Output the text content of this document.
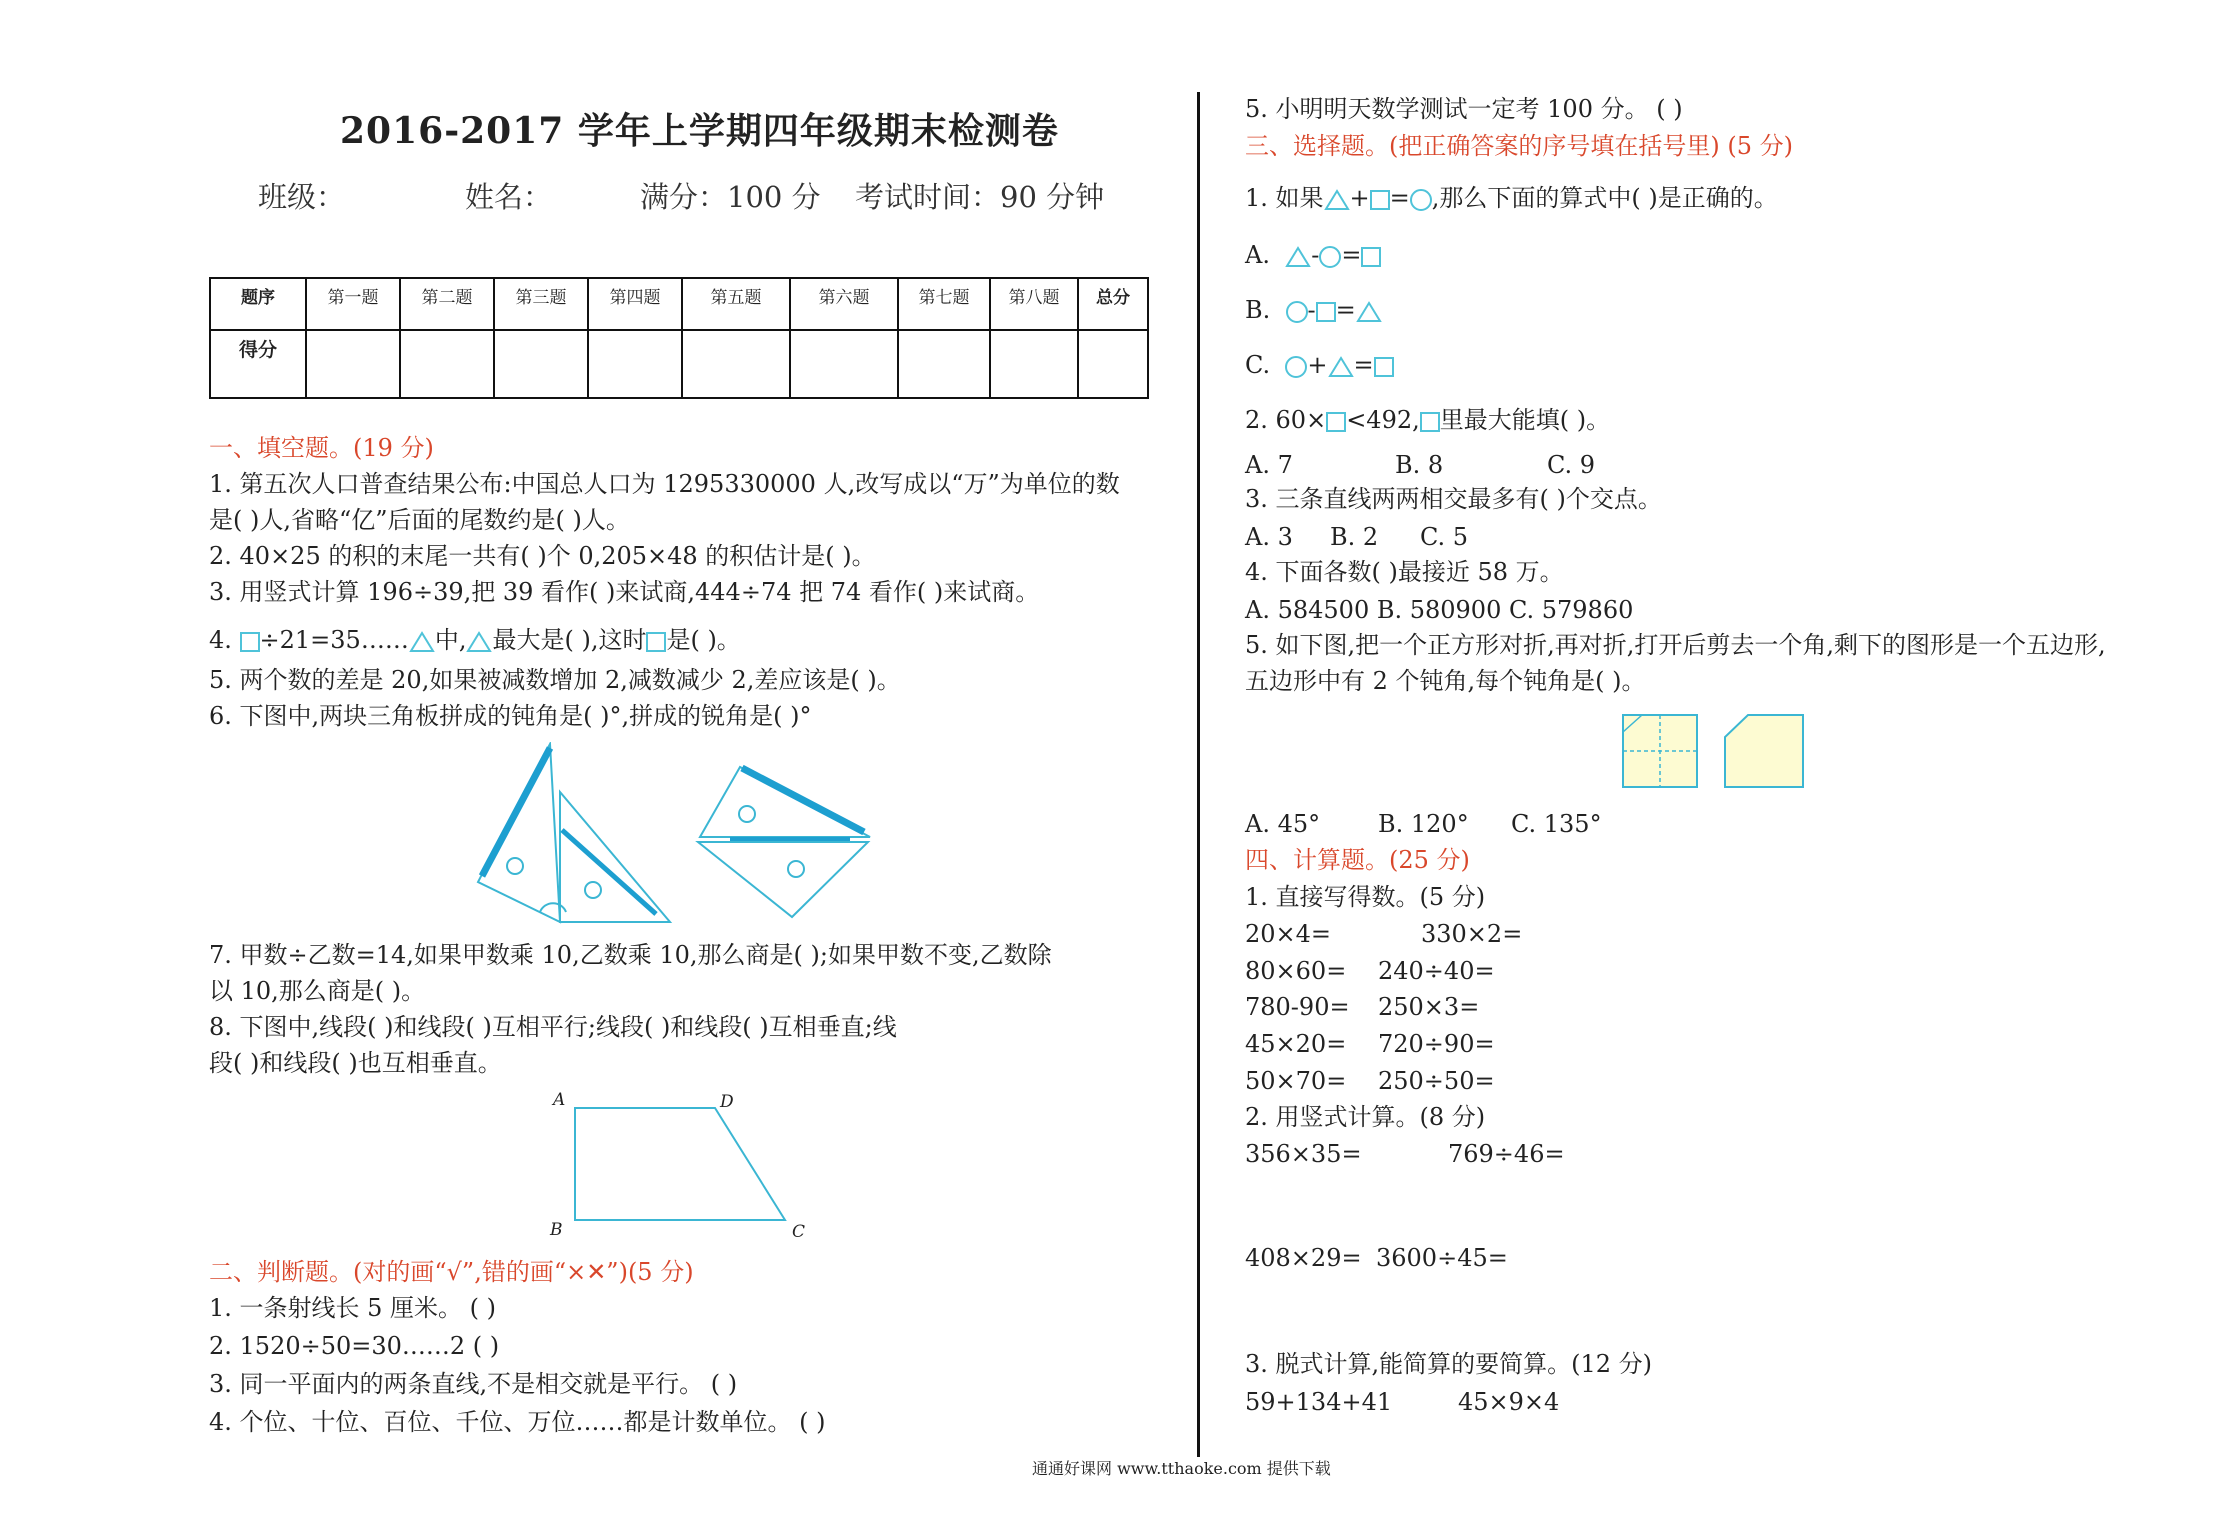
2016-2017 学年上学期四年级期末检测卷
班级：	姓名：	满分：100 分 考试时间：90 分钟
题序	第一题	第二题	第三题	第四题	第五题	第六题	第七题	第八题	总分
得分									
一、填空题。(19 分)
1. 第五次人口普查结果公布:中国总人口为 1295330000 人,改写成以“万”为单位的数
是( )人,省略“亿”后面的尾数约是( )人。
2. 40×25 的积的末尾一共有( )个 0,205×48 的积估计是( )。
3. 用竖式计算 196÷39,把 39 看作( )来试商,444÷74 把 74 看作( )来试商。
4. ÷21=35…… 中, 最大是( ),这时 是( )。
5. 两个数的差是 20,如果被减数增加 2,减数减少 2,差应该是( )。
6. 下图中,两块三角板拼成的钝角是( )°,拼成的锐角是( )°
7. 甲数÷乙数=14,如果甲数乘 10,乙数乘 10,那么商是( );如果甲数不变,乙数除
以 10,那么商是( )。
8. 下图中,线段( )和线段( )互相平行;线段( )和线段( )互相垂直;线
段( )和线段( )也互相垂直。
A	D
B	C
二、判断题。(对的画“√”,错的画“×✕”)(5 分)
1. 一条射线长 5 厘米。 ( )
2. 1520÷50=30……2 ( )
3. 同一平面内的两条直线,不是相交就是平行。 ( )
4. 个位、十位、百位、千位、万位……都是计数单位。 ( )
5. 小明明天数学测试一定考 100 分。 ( )
三、选择题。(把正确答案的序号填在括号里) (5 分)
1. 如果 + = ,那么下面的算式中( )是正确的。
A. - =
B. - =
C. + =
2. 60× <492, 里最大能填( )。
A. 7	B. 8	C. 9
3. 三条直线两两相交最多有( )个交点。
A. 3 B. 2 C. 5
4. 下面各数( )最接近 58 万。
A. 584500 B. 580900 C. 579860
5. 如下图,把一个正方形对折,再对折,打开后剪去一个角,剩下的图形是一个五边形,
五边形中有 2 个钝角,每个钝角是( )。
A. 45° B. 120° C. 135°
四、计算题。(25 分)
1. 直接写得数。(5 分)
20×4=	330×2=
80×60= 240÷40=
780-90= 250×3=
45×20= 720÷90=
50×70= 250÷50=
2. 用竖式计算。(8 分)
356×35=	769÷46=
408×29= 3600÷45=
3. 脱式计算,能简算的要简算。(12 分)
59+134+41	45×9×4
通通好课网 www.tthaoke.com 提供下载
